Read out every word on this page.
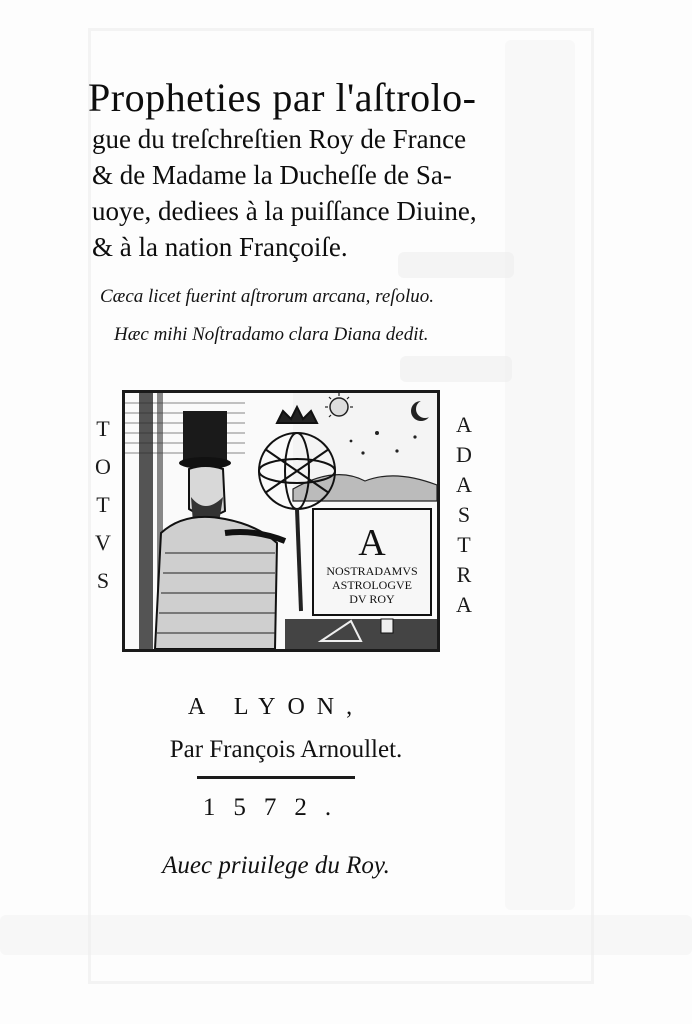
Propheties par l'aſtrolo-
gue du treſchreſtien Roy de France
& de Madame la Ducheſſe de Sa-
uoye, dediees à la puiſſance Diuine,
& à la nation Françoiſe.
Cæca licet fuerint aſtrorum arcana, reſoluo.
Hæc mihi Noſtradamo clara Diana dedit.
T
O
T
V
S
A
NOSTRADAMVS
ASTROLOGVE
DV ROY
A
D
A
S
T
R
A
A LYON,
Par François Arnoullet.
1572.
Auec priuilege du Roy.
